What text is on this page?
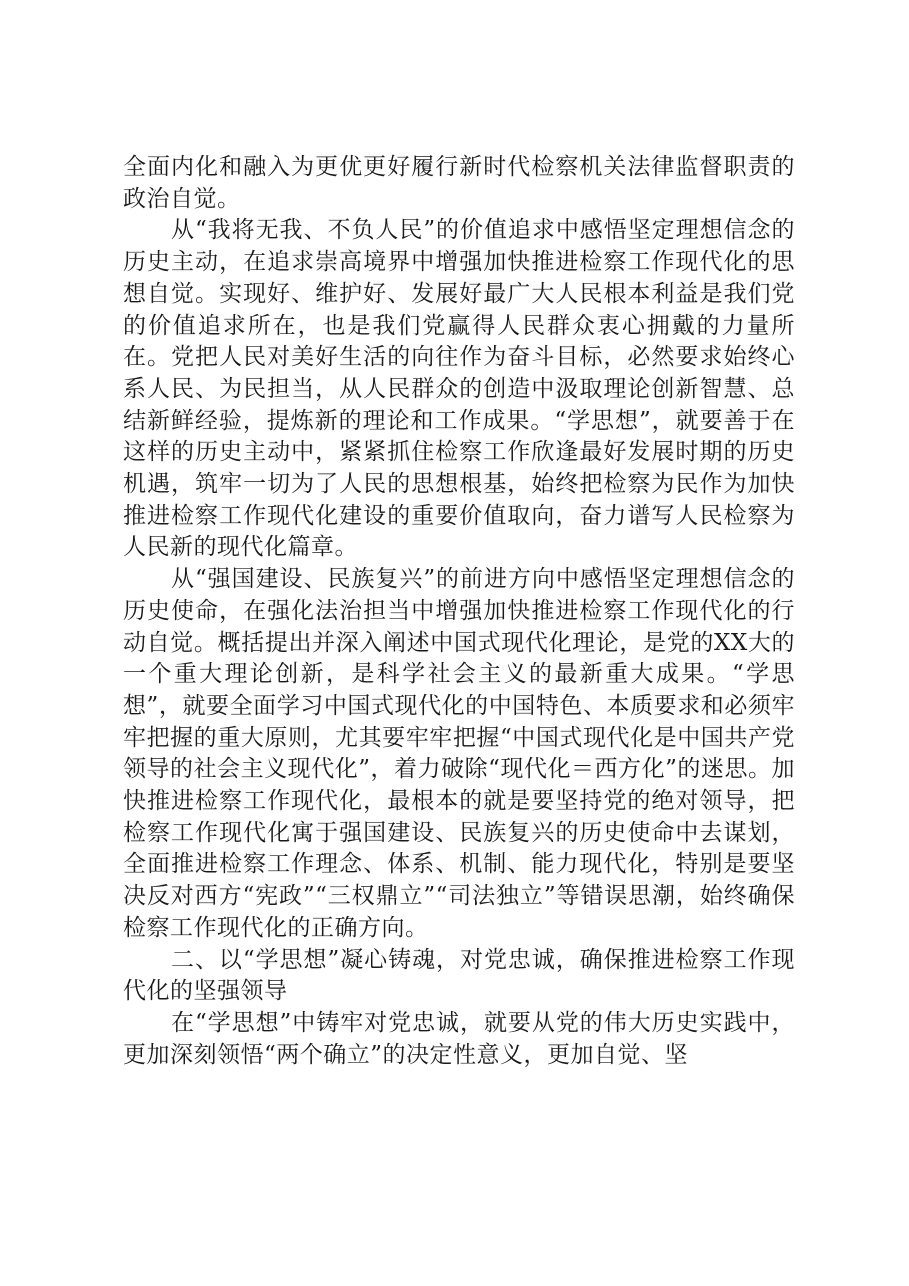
全面内化和融入为更优更好履行新时代检察机关法律监督职责的政治自觉。

从“我将无我、不负人民”的价值追求中感悟坚定理想信念的历史主动，在追求崇高境界中增强加快推进检察工作现代化的思想自觉。实现好、维护好、发展好最广大人民根本利益是我们党的价值追求所在，也是我们党赢得人民群众衷心拥戴的力量所在。党把人民对美好生活的向往作为奋斗目标，必然要求始终心系人民、为民担当，从人民群众的创造中汲取理论创新智慧、总结新鲜经验，提炼新的理论和工作成果。“学思想”，就要善于在这样的历史主动中，紧紧抓住检察工作欣逢最好发展时期的历史机遇，筑牢一切为了人民的思想根基，始终把检察为民作为加快推进检察工作现代化建设的重要价值取向，奋力谱写人民检察为人民新的现代化篇章。

从“强国建设、民族复兴”的前进方向中感悟坚定理想信念的历史使命，在强化法治担当中增强加快推进检察工作现代化的行动自觉。概括提出并深入阐述中国式现代化理论，是党的XX大的一个重大理论创新，是科学社会主义的最新重大成果。“学思想”，就要全面学习中国式现代化的中国特色、本质要求和必须牢牢把握的重大原则，尤其要牢牢把握“中国式现代化是中国共产党领导的社会主义现代化”，着力破除“现代化＝西方化”的迷思。加快推进检察工作现代化，最根本的就是要坚持党的绝对领导，把检察工作现代化寓于强国建设、民族复兴的历史使命中去谋划，全面推进检察工作理念、体系、机制、能力现代化，特别是要坚决反对西方“宪政”“三权鼎立”“司法独立”等错误思潮，始终确保检察工作现代化的正确方向。

二、以“学思想”凝心铸魂，对党忠诚，确保推进检察工作现代化的坚强领导

在“学思想”中铸牢对党忠诚，就要从党的伟大历史实践中，更加深刻领悟“两个确立”的决定性意义，更加自觉、坚
